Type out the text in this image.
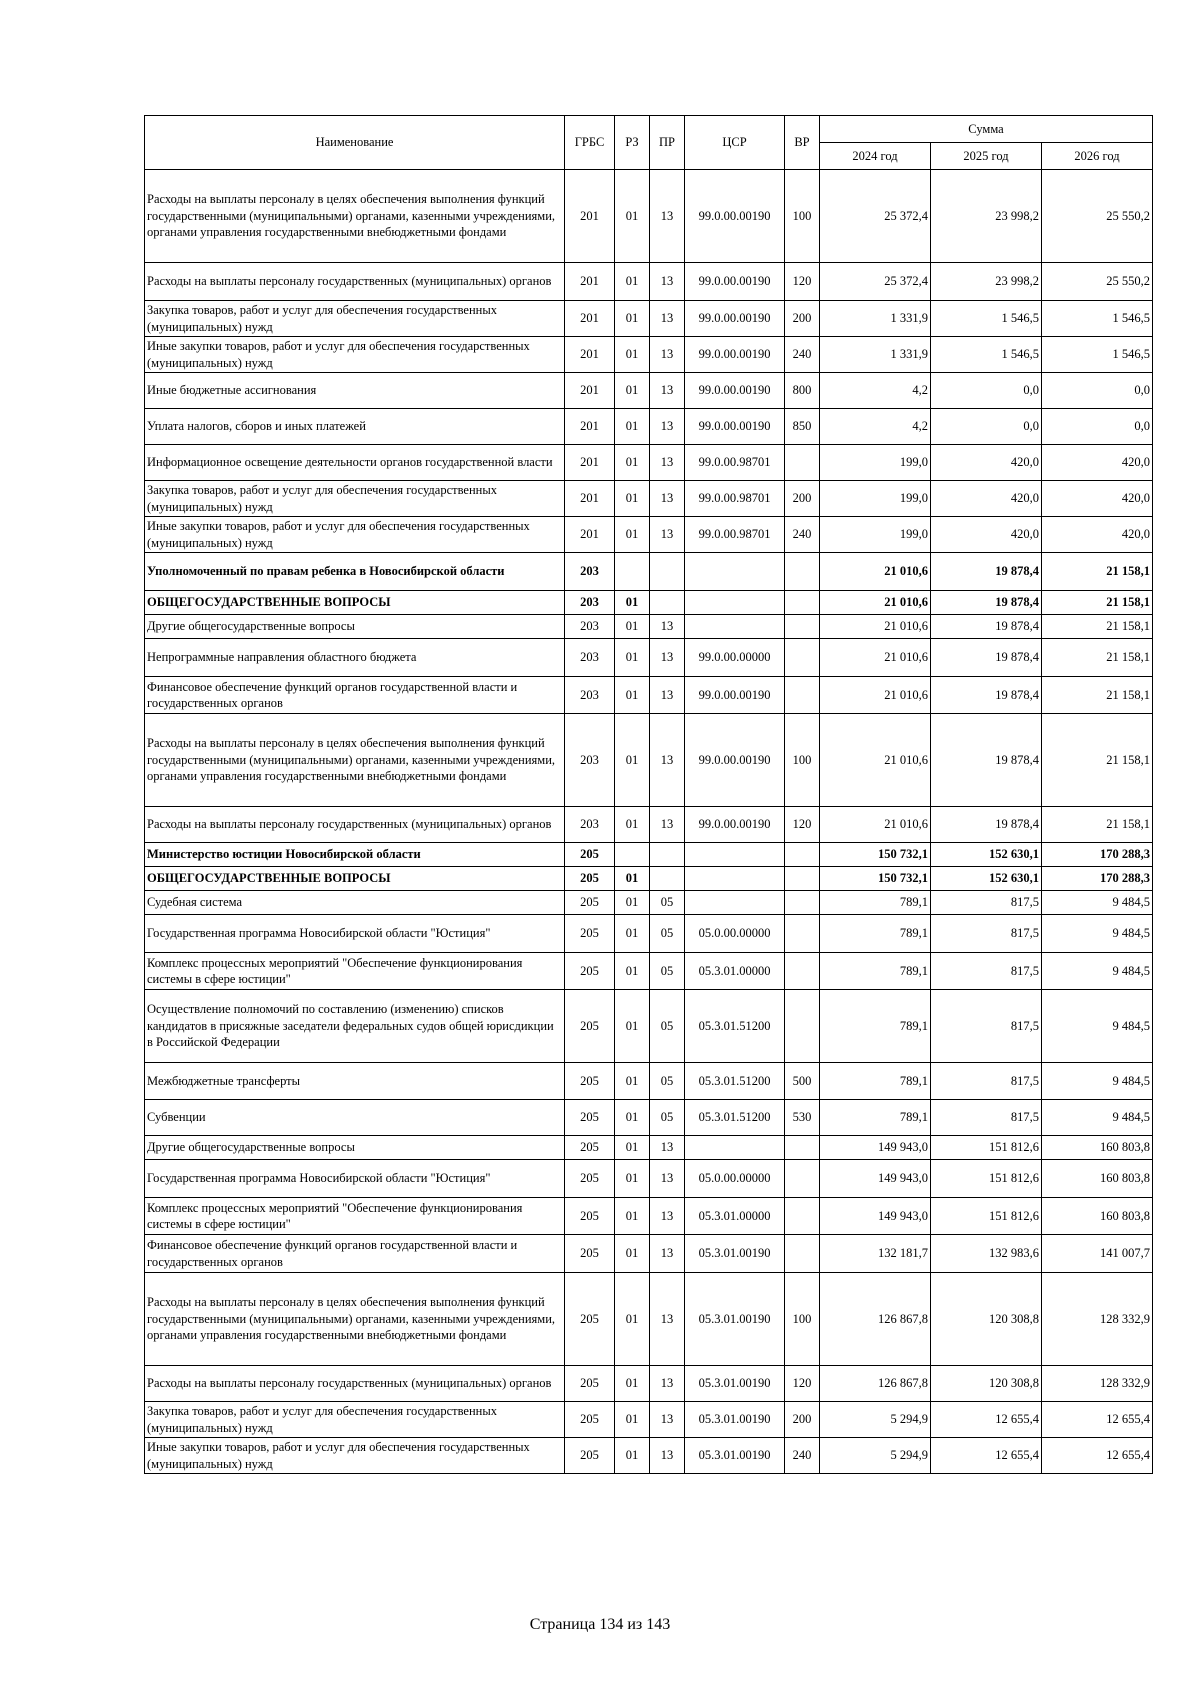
Наименование	ГРБС	РЗ	ПР	ЦСР	ВР	Сумма		
						2024 год	2025 год	2026 год
Расходы на выплаты персоналу в целях обеспечения выполнения функций государственными (муниципальными) органами, казенными учреждениями, органами управления государственными внебюджетными фондами	201	01	13	99.0.00.00190	100	25 372,4	23 998,2	25 550,2
Расходы на выплаты персоналу государственных (муниципальных) органов	201	01	13	99.0.00.00190	120	25 372,4	23 998,2	25 550,2
Закупка товаров, работ и услуг для обеспечения государственных (муниципальных) нужд	201	01	13	99.0.00.00190	200	1 331,9	1 546,5	1 546,5
Иные закупки товаров, работ и услуг для обеспечения государственных (муниципальных) нужд	201	01	13	99.0.00.00190	240	1 331,9	1 546,5	1 546,5
Иные бюджетные ассигнования	201	01	13	99.0.00.00190	800	4,2	0,0	0,0
Уплата налогов, сборов и иных платежей	201	01	13	99.0.00.00190	850	4,2	0,0	0,0
Информационное освещение деятельности органов государственной власти	201	01	13	99.0.00.98701		199,0	420,0	420,0
Закупка товаров, работ и услуг для обеспечения государственных (муниципальных) нужд	201	01	13	99.0.00.98701	200	199,0	420,0	420,0
Иные закупки товаров, работ и услуг для обеспечения государственных (муниципальных) нужд	201	01	13	99.0.00.98701	240	199,0	420,0	420,0
Уполномоченный по правам ребенка в Новосибирской области	203					21 010,6	19 878,4	21 158,1
ОБЩЕГОСУДАРСТВЕННЫЕ ВОПРОСЫ	203	01				21 010,6	19 878,4	21 158,1
Другие общегосударственные вопросы	203	01	13			21 010,6	19 878,4	21 158,1
Непрограммные направления областного бюджета	203	01	13	99.0.00.00000		21 010,6	19 878,4	21 158,1
Финансовое обеспечение функций органов государственной власти и государственных органов	203	01	13	99.0.00.00190		21 010,6	19 878,4	21 158,1
Расходы на выплаты персоналу в целях обеспечения выполнения функций государственными (муниципальными) органами, казенными учреждениями, органами управления государственными внебюджетными фондами	203	01	13	99.0.00.00190	100	21 010,6	19 878,4	21 158,1
Расходы на выплаты персоналу государственных (муниципальных) органов	203	01	13	99.0.00.00190	120	21 010,6	19 878,4	21 158,1
Министерство юстиции Новосибирской области	205					150 732,1	152 630,1	170 288,3
ОБЩЕГОСУДАРСТВЕННЫЕ ВОПРОСЫ	205	01				150 732,1	152 630,1	170 288,3
Судебная система	205	01	05			789,1	817,5	9 484,5
Государственная программа Новосибирской области "Юстиция"	205	01	05	05.0.00.00000		789,1	817,5	9 484,5
Комплекс процессных мероприятий "Обеспечение функционирования системы в сфере юстиции"	205	01	05	05.3.01.00000		789,1	817,5	9 484,5
Осуществление полномочий по составлению (изменению) списков кандидатов в присяжные заседатели федеральных судов общей юрисдикции в Российской Федерации	205	01	05	05.3.01.51200		789,1	817,5	9 484,5
Межбюджетные трансферты	205	01	05	05.3.01.51200	500	789,1	817,5	9 484,5
Субвенции	205	01	05	05.3.01.51200	530	789,1	817,5	9 484,5
Другие общегосударственные вопросы	205	01	13			149 943,0	151 812,6	160 803,8
Государственная программа Новосибирской области "Юстиция"	205	01	13	05.0.00.00000		149 943,0	151 812,6	160 803,8
Комплекс процессных мероприятий "Обеспечение функционирования системы в сфере юстиции"	205	01	13	05.3.01.00000		149 943,0	151 812,6	160 803,8
Финансовое обеспечение функций органов государственной власти и государственных органов	205	01	13	05.3.01.00190		132 181,7	132 983,6	141 007,7
Расходы на выплаты персоналу в целях обеспечения выполнения функций государственными (муниципальными) органами, казенными учреждениями, органами управления государственными внебюджетными фондами	205	01	13	05.3.01.00190	100	126 867,8	120 308,8	128 332,9
Расходы на выплаты персоналу государственных (муниципальных) органов	205	01	13	05.3.01.00190	120	126 867,8	120 308,8	128 332,9
Закупка товаров, работ и услуг для обеспечения государственных (муниципальных) нужд	205	01	13	05.3.01.00190	200	5 294,9	12 655,4	12 655,4
Иные закупки товаров, работ и услуг для обеспечения государственных (муниципальных) нужд	205	01	13	05.3.01.00190	240	5 294,9	12 655,4	12 655,4
Страница 134 из 143
